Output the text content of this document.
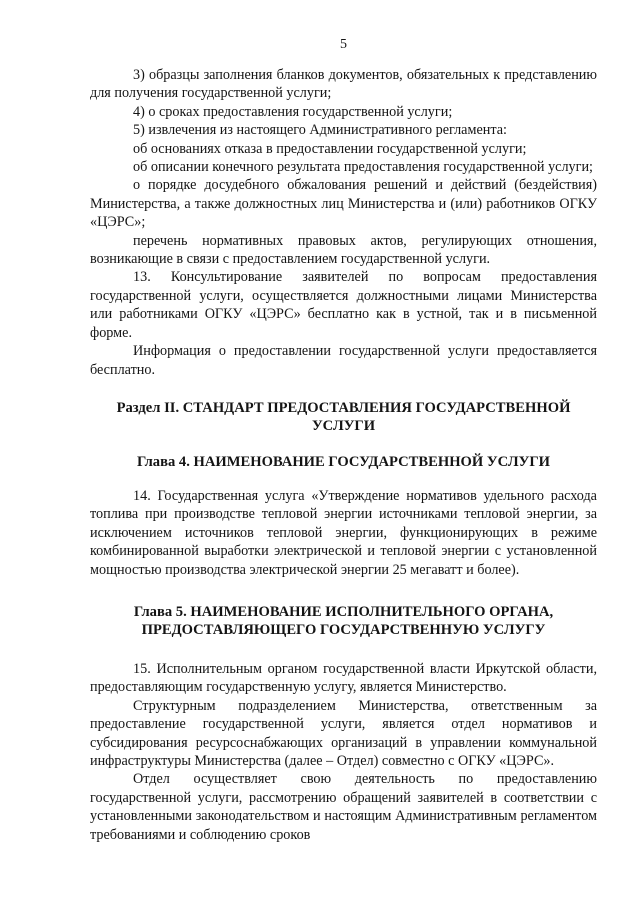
5

3) образцы заполнения бланков документов, обязательных к представлению для получения государственной услуги;

4) о сроках предоставления государственной услуги;

5) извлечения из настоящего Административного регламента:

об основаниях отказа в предоставлении государственной услуги;

об описании конечного результата предоставления государственной услуги;

о порядке досудебного обжалования решений и действий (бездействия) Министерства, а также должностных лиц Министерства и (или) работников ОГКУ «ЦЭРС»;

перечень нормативных правовых актов, регулирующих отношения, возникающие в связи с предоставлением государственной услуги.

13. Консультирование заявителей по вопросам предоставления государственной услуги, осуществляется должностными лицами Министерства или работниками ОГКУ «ЦЭРС» бесплатно как в устной, так и в письменной форме.

Информация о предоставлении государственной услуги предоставляется бесплатно.

Раздел II. СТАНДАРТ ПРЕДОСТАВЛЕНИЯ ГОСУДАРСТВЕННОЙ УСЛУГИ
Глава 4. НАИМЕНОВАНИЕ ГОСУДАРСТВЕННОЙ УСЛУГИ

14. Государственная услуга «Утверждение нормативов удельного расхода топлива при производстве тепловой энергии источниками тепловой энергии, за исключением источников тепловой энергии, функционирующих в режиме комбинированной выработки электрической и тепловой энергии с установленной мощностью производства электрической энергии 25 мегаватт и более).

Глава 5. НАИМЕНОВАНИЕ ИСПОЛНИТЕЛЬНОГО ОРГАНА, ПРЕДОСТАВЛЯЮЩЕГО ГОСУДАРСТВЕННУЮ УСЛУГУ

15. Исполнительным органом государственной власти Иркутской области, предоставляющим государственную услугу, является Министерство.

Структурным подразделением Министерства, ответственным за предоставление государственной услуги, является отдел нормативов и субсидирования ресурсоснабжающих организаций в управлении коммунальной инфраструктуры Министерства (далее – Отдел) совместно с ОГКУ «ЦЭРС».

Отдел осуществляет свою деятельность по предоставлению государственной услуги, рассмотрению обращений заявителей в соответствии с установленными законодательством и настоящим Административным регламентом требованиями и соблюдению сроков
